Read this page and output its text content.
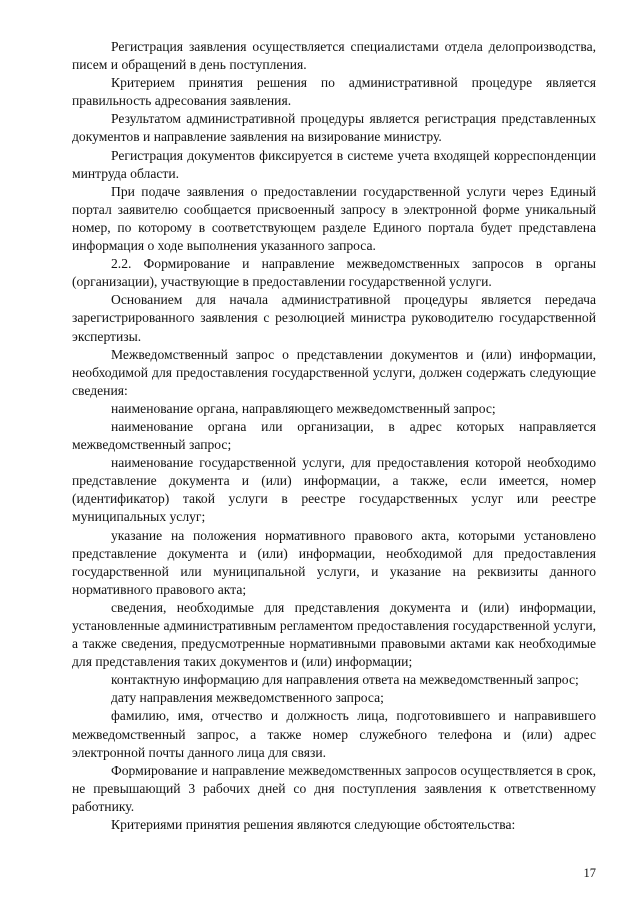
Регистрация заявления осуществляется специалистами отдела делопроизводства, писем и обращений в день поступления.

Критерием принятия решения по административной процедуре является правильность адресования заявления.

Результатом административной процедуры является регистрация представленных документов и направление заявления на визирование министру.

Регистрация документов фиксируется в системе учета входящей корреспонденции минтруда области.

При подаче заявления о предоставлении государственной услуги через Единый портал заявителю сообщается присвоенный запросу в электронной форме уникальный номер, по которому в соответствующем разделе Единого портала будет представлена информация о ходе выполнения указанного запроса.

2.2. Формирование и направление межведомственных запросов в органы (организации), участвующие в предоставлении государственной услуги.

Основанием для начала административной процедуры является передача зарегистрированного заявления с резолюцией министра руководителю государственной экспертизы.

Межведомственный запрос о представлении документов и (или) информации, необходимой для предоставления государственной услуги, должен содержать следующие сведения:

наименование органа, направляющего межведомственный запрос;

наименование органа или организации, в адрес которых направляется межведомственный запрос;

наименование государственной услуги, для предоставления которой необходимо представление документа и (или) информации, а также, если имеется, номер (идентификатор) такой услуги в реестре государственных услуг или реестре муниципальных услуг;

указание на положения нормативного правового акта, которыми установлено представление документа и (или) информации, необходимой для предоставления государственной или муниципальной услуги, и указание на реквизиты данного нормативного правового акта;

сведения, необходимые для представления документа и (или) информации, установленные административным регламентом предоставления государственной услуги, а также сведения, предусмотренные нормативными правовыми актами как необходимые для представления таких документов и (или) информации;

контактную информацию для направления ответа на межведомственный запрос;

дату направления межведомственного запроса;

фамилию, имя, отчество и должность лица, подготовившего и направившего межведомственный запрос, а также номер служебного телефона и (или) адрес электронной почты данного лица для связи.

Формирование и направление межведомственных запросов осуществляется в срок, не превышающий 3 рабочих дней со дня поступления заявления к ответственному работнику.

Критериями принятия решения являются следующие обстоятельства:

17
